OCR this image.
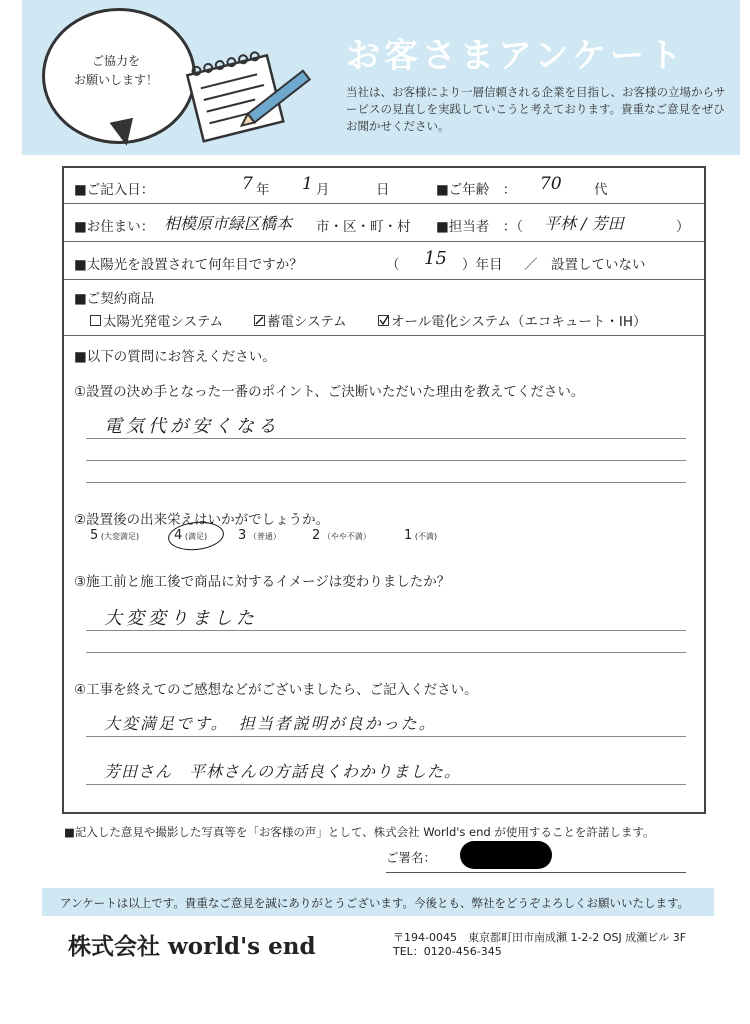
ご協力を
お願いします！
お客さまアンケート
当社は、お客様により一層信頼される企業を目指し、お客様の立場からサービスの見直しを実践していこうと考えております。貴重なご意見をぜひお聞かせください。
■ご記入日：	7 年 1 月	日	■ご年齢　： 70 代
■お住まい： 相模原市緑区橋本 市・区・町・村 ■担当者　：（ 平林 / 芳田	）
■太陽光を設置されて何年目ですか？	（ 15 ）年目 ／　設置していない
■ご契約商品
太陽光発電システム	蓄電システム	オール電化システム（エコキュート・IH）
■以下の質問にお答えください。
①設置の決め手となった一番のポイント、ご決断いただいた理由を教えてください。
電気代が安くなる
②設置後の出来栄えはいかがでしょうか。
③施工前と施工後で商品に対するイメージは変わりましたか？
大変変りました
④工事を終えてのご感想などがございましたら、ご記入ください。
大変満足です。　担当者説明が良かった。
芳田さん　平林さんの方話良くわかりました。
5 (大変満足)	4 (満足) 3 （普通） 2 （やや不満）	1 (不満)
■記入した意見や撮影した写真等を「お客様の声」として、株式会社 World's end が使用することを許諾します。
ご署名：
アンケートは以上です。貴重なご意見を誠にありがとうございます。今後とも、弊社をどうぞよろしくお願いいたします。
株式会社 world's end	〒194-0045　東京都町田市南成瀬 1-2-2 OSJ 成瀬ビル 3F
TEL：0120-456-345
